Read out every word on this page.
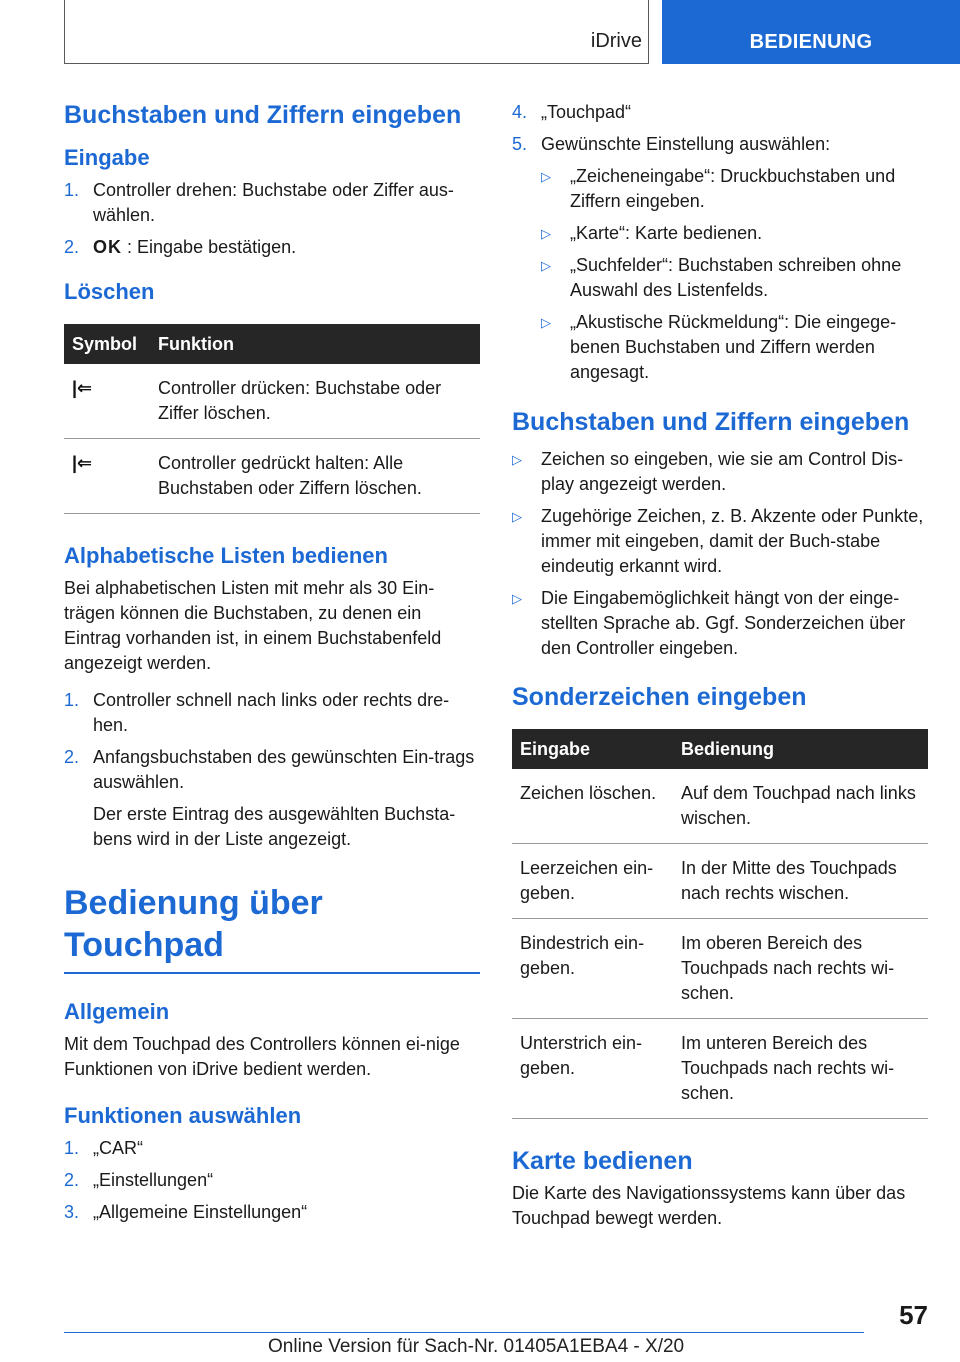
iDrive	BEDIENUNG
Buchstaben und Ziffern eingeben
Eingabe
1. Controller drehen: Buchstabe oder Ziffer aus-wählen.
2. OK : Eingabe bestätigen.
Löschen
Symbol	Funktion
|⇐	Controller drücken: Buchstabe oder Ziffer löschen.
|⇐	Controller gedrückt halten: Alle Buchstaben oder Ziffern löschen.
Alphabetische Listen bedienen

Bei alphabetischen Listen mit mehr als 30 Ein-trägen können die Buchstaben, zu denen ein Eintrag vorhanden ist, in einem Buchstabenfeld angezeigt werden.

1. Controller schnell nach links oder rechts dre-hen.
2. Anfangsbuchstaben des gewünschten Ein-trags auswählen.

Der erste Eintrag des ausgewählten Buchsta-bens wird in der Liste angezeigt.

Bedienung über Touchpad
Allgemein

Mit dem Touchpad des Controllers können ei-nige Funktionen von iDrive bedient werden.

Funktionen auswählen
1. „CAR“
2. „Einstellungen“
3. „Allgemeine Einstellungen“
4. „Touchpad“
5. Gewünschte Einstellung auswählen:
▷ „Zeicheneingabe“: Druckbuchstaben und Ziffern eingeben.
▷ „Karte“: Karte bedienen.
▷ „Suchfelder“: Buchstaben schreiben ohne Auswahl des Listenfelds.
▷ „Akustische Rückmeldung“: Die eingege-benen Buchstaben und Ziffern werden angesagt.
Buchstaben und Ziffern eingeben
▷ Zeichen so eingeben, wie sie am Control Dis-play angezeigt werden.
▷ Zugehörige Zeichen, z. B. Akzente oder Punkte, immer mit eingeben, damit der Buch-stabe eindeutig erkannt wird.
▷ Die Eingabemöglichkeit hängt von der einge-stellten Sprache ab. Ggf. Sonderzeichen über den Controller eingeben.
Sonderzeichen eingeben
Eingabe	Bedienung
Zeichen löschen.	Auf dem Touchpad nach links wischen.
Leerzeichen ein-geben.	In der Mitte des Touchpads nach rechts wischen.
Bindestrich ein-geben.	Im oberen Bereich des Touchpads nach rechts wi-schen.
Unterstrich ein-geben.	Im unteren Bereich des Touchpads nach rechts wi-schen.
Karte bedienen

Die Karte des Navigationssystems kann über das Touchpad bewegt werden.

57
Online Version für Sach-Nr. 01405A1EBA4 - X/20
